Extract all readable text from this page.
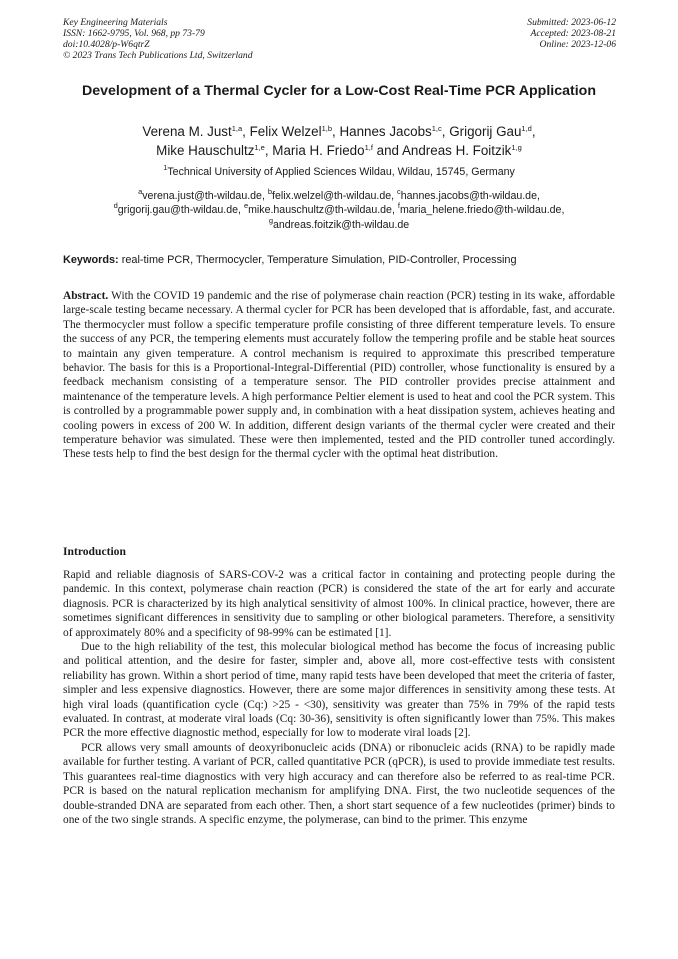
Key Engineering Materials
ISSN: 1662-9795, Vol. 968, pp 73-79
doi:10.4028/p-W6qtrZ
© 2023 Trans Tech Publications Ltd, Switzerland
Submitted: 2023-06-12
Accepted: 2023-08-21
Online: 2023-12-06
Development of a Thermal Cycler for a Low-Cost Real-Time PCR Application
Verena M. Just$^{1,a}$, Felix Welzel$^{1,b}$, Hannes Jacobs$^{1,c}$, Grigorij Gau$^{1,d}$,
Mike Hauschultz$^{1,e}$, Maria H. Friedo$^{1,f}$ and Andreas H. Foitzik$^{1,g}$
$^1$Technical University of Applied Sciences Wildau, Wildau, 15745, Germany
$^a$verena.just@th-wildau.de, $^b$felix.welzel@th-wildau.de, $^c$hannes.jacobs@th-wildau.de,
$^d$grigorij.gau@th-wildau.de, $^e$mike.hauschultz@th-wildau.de, $^f$maria_helene.friedo@th-wildau.de,
$^g$andreas.foitzik@th-wildau.de
Keywords: real-time PCR, Thermocycler, Temperature Simulation, PID-Controller, Processing
Abstract. With the COVID 19 pandemic and the rise of polymerase chain reaction (PCR) testing in its wake, affordable large-scale testing became necessary. A thermal cycler for PCR has been developed that is affordable, fast, and accurate. The thermocycler must follow a specific temperature profile consisting of three different temperature levels. To ensure the success of any PCR, the tempering elements must accurately follow the tempering profile and be stable heat sources to maintain any given temperature. A control mechanism is required to approximate this prescribed temperature behavior. The basis for this is a Proportional-Integral-Differential (PID) controller, whose functionality is ensured by a feedback mechanism consisting of a temperature sensor. The PID controller provides precise attainment and maintenance of the temperature levels. A high performance Peltier element is used to heat and cool the PCR system. This is controlled by a programmable power supply and, in combination with a heat dissipation system, achieves heating and cooling powers in excess of 200 W. In addition, different design variants of the thermal cycler were created and their temperature behavior was simulated. These were then implemented, tested and the PID controller tuned accordingly. These tests help to find the best design for the thermal cycler with the optimal heat distribution.
Introduction

Rapid and reliable diagnosis of SARS-COV-2 was a critical factor in containing and protecting people during the pandemic. In this context, polymerase chain reaction (PCR) is considered the state of the art for early and accurate diagnosis. PCR is characterized by its high analytical sensitivity of almost 100%. In clinical practice, however, there are sometimes significant differences in sensitivity due to sampling or other biological parameters. Therefore, a sensitivity of approximately 80% and a specificity of 98-99% can be estimated [1].

Due to the high reliability of the test, this molecular biological method has become the focus of increasing public and political attention, and the desire for faster, simpler and, above all, more cost-effective tests with consistent reliability has grown. Within a short period of time, many rapid tests have been developed that meet the criteria of faster, simpler and less expensive diagnostics. However, there are some major differences in sensitivity among these tests. At high viral loads (quantification cycle (Cq:) >25 - <30), sensitivity was greater than 75% in 79% of the rapid tests evaluated. In contrast, at moderate viral loads (Cq: 30-36), sensitivity is often significantly lower than 75%. This makes PCR the more effective diagnostic method, especially for low to moderate viral loads [2].

PCR allows very small amounts of deoxyribonucleic acids (DNA) or ribonucleic acids (RNA) to be rapidly made available for further testing. A variant of PCR, called quantitative PCR (qPCR), is used to provide immediate test results. This guarantees real-time diagnostics with very high accuracy and can therefore also be referred to as real-time PCR. PCR is based on the natural replication mechanism for amplifying DNA. First, the two nucleotide sequences of the double-stranded DNA are separated from each other. Then, a short start sequence of a few nucleotides (primer) binds to one of the two single strands. A specific enzyme, the polymerase, can bind to the primer. This enzyme
